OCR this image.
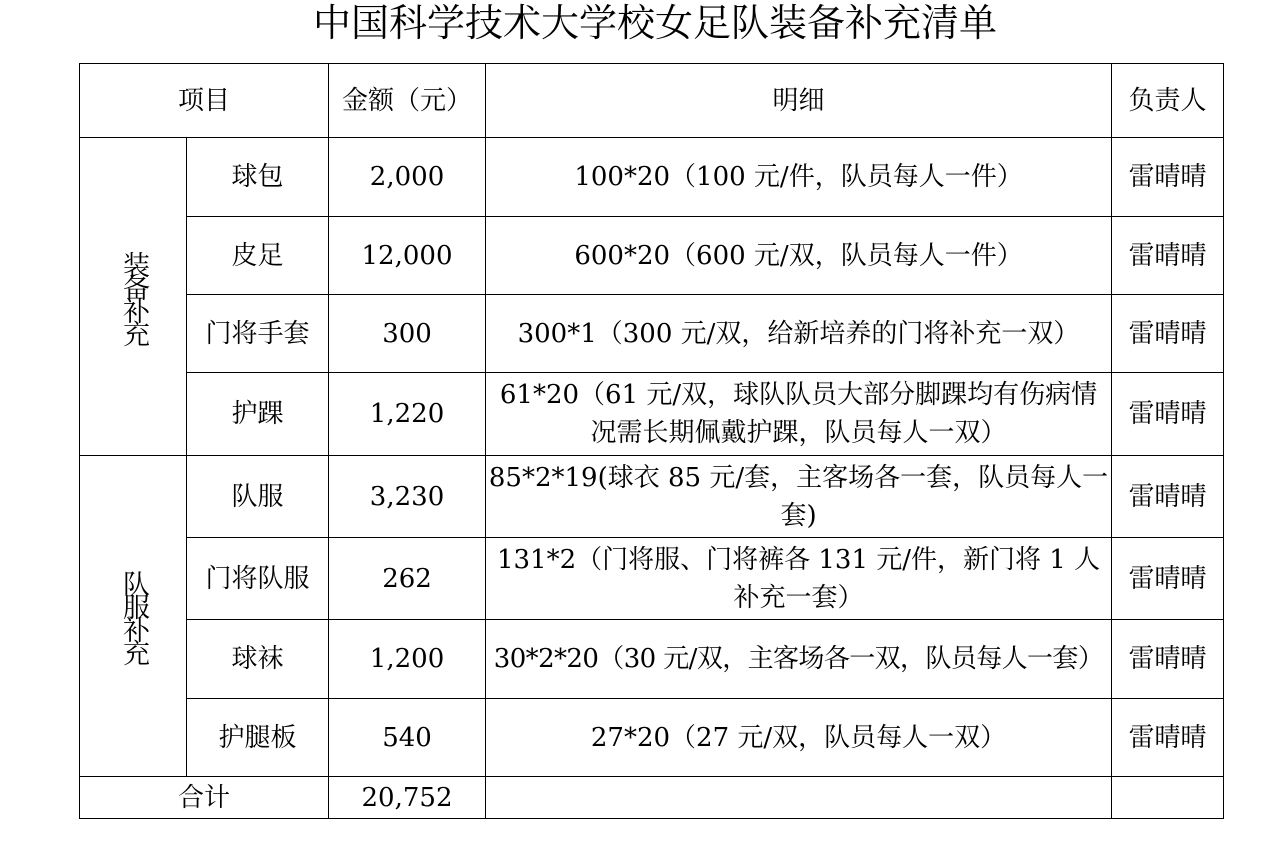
中国科学技术大学校女足队装备补充清单
项目		金额（元）	明细	负责人

装备补充	球包	2,000	100*20（100 元/件，队员每人一件）	雷晴晴
	皮足	12,000	600*20（600 元/双，队员每人一件）	雷晴晴
	门将手套	300	300*1（300 元/双，给新培养的门将补充一双）	雷晴晴
	护踝	1,220	61*20（61 元/双，球队队员大部分脚踝均有伤病情况需长期佩戴护踝，队员每人一双）	雷晴晴

队服补充	队服	3,230	85*2*19(球衣 85 元/套，主客场各一套，队员每人一套)	雷晴晴
	门将队服	262	131*2（门将服、门将裤各 131 元/件，新门将 1 人补充一套）	雷晴晴
	球袜	1,200	30*2*20（30 元/双，主客场各一双，队员每人一套）	雷晴晴
	护腿板	540	27*20（27 元/双，队员每人一双）	雷晴晴
合计		20,752		
